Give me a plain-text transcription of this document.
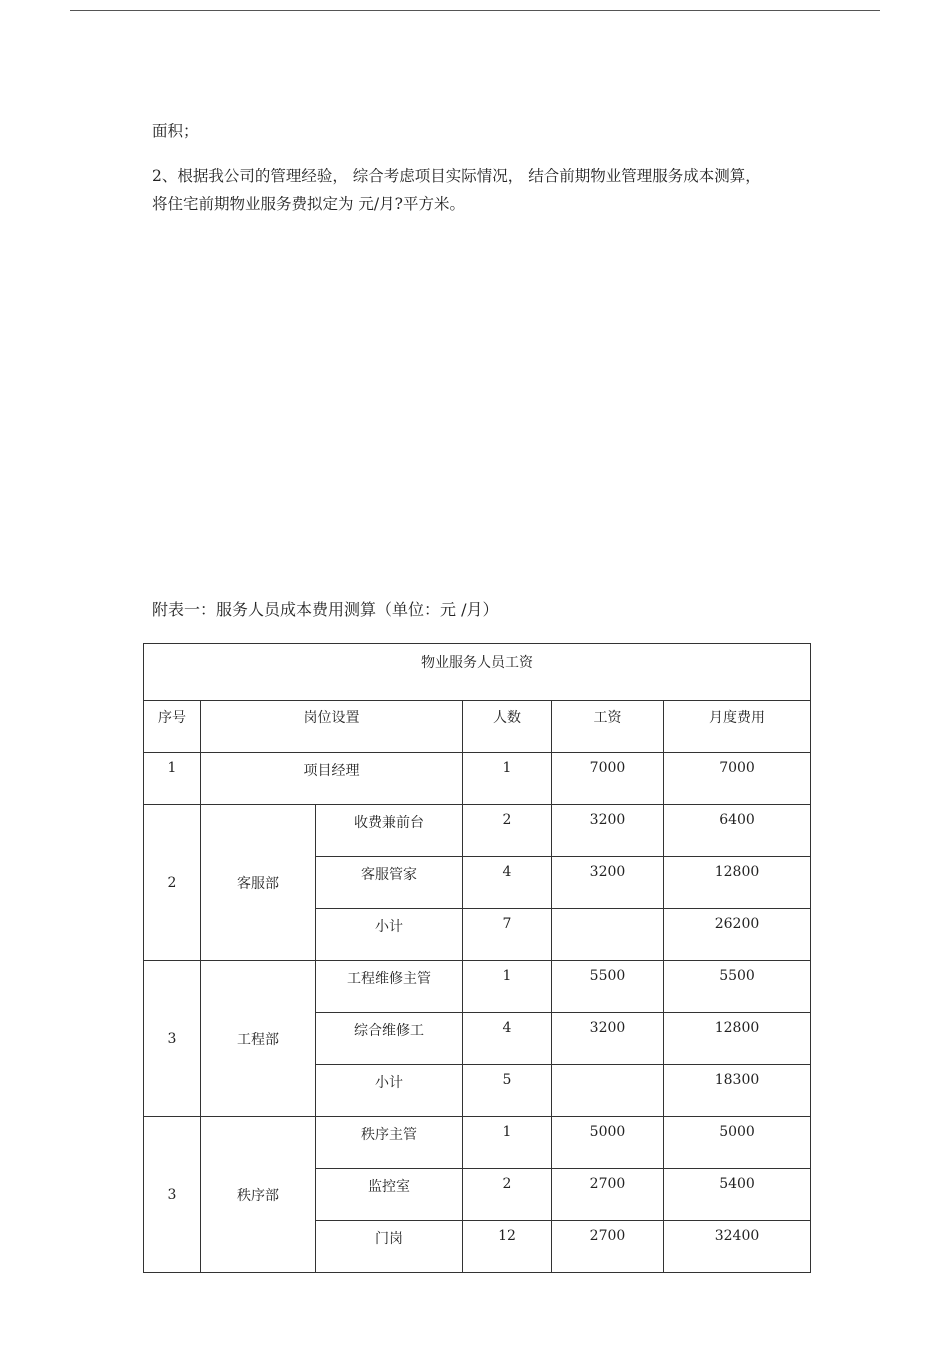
面积；
2、根据我公司的管理经验， 综合考虑项目实际情况， 结合前期物业管理服务成本测算，
将住宅前期物业服务费拟定为 元/月?平方米。
附表一：服务人员成本费用测算（单位：元 /月）
物业服务人员工资					
序号	岗位设置		人数	工资	月度费用
1	项目经理		1	7000	7000
2	客服部	收费兼前台	2	3200	6400
		客服管家	4	3200	12800
		小计	7		26200
3	工程部	工程维修主管	1	5500	5500
		综合维修工	4	3200	12800
		小计	5		18300
3	秩序部	秩序主管	1	5000	5000
		监控室	2	2700	5400
		门岗	12	2700	32400
